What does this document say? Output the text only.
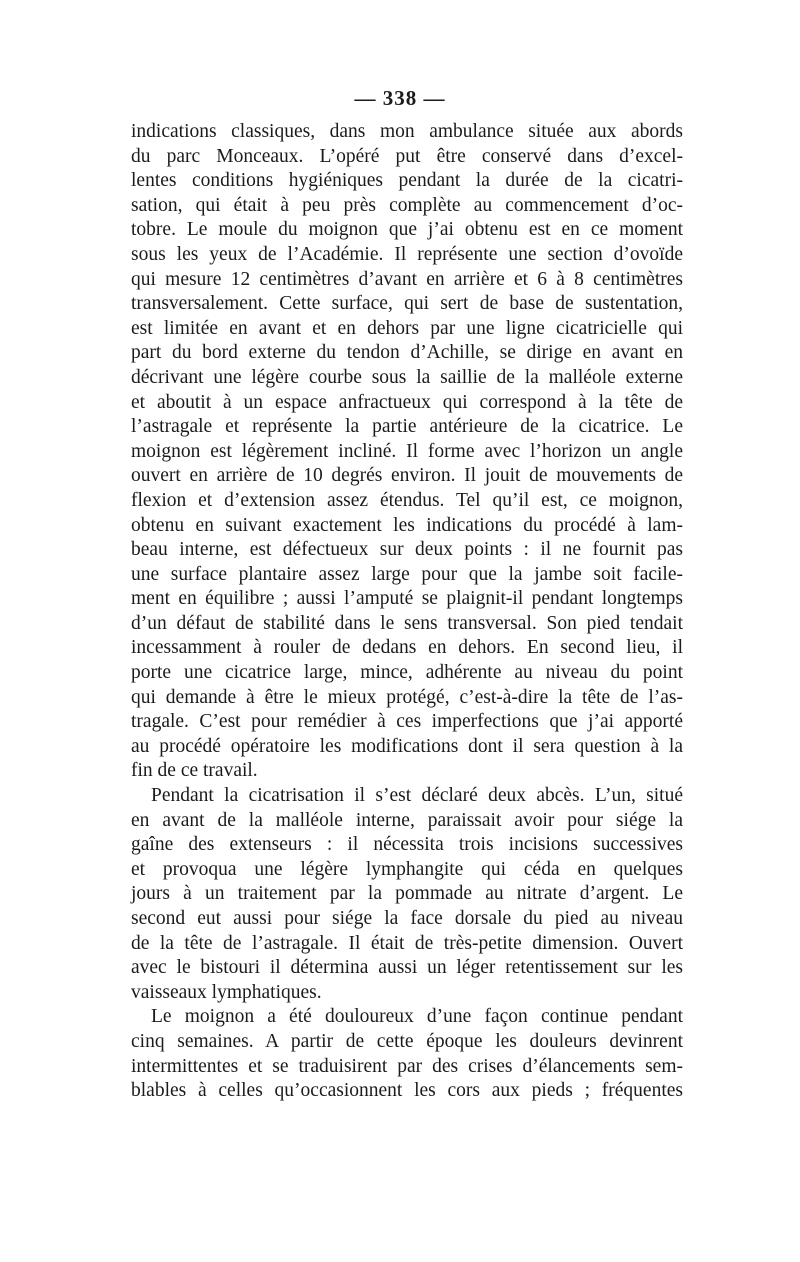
— 338 —
indications classiques, dans mon ambulance située aux abords
du parc Monceaux. L’opéré put être conservé dans d’excel-
lentes conditions hygiéniques pendant la durée de la cicatri-
sation, qui était à peu près complète au commencement d’oc-
tobre. Le moule du moignon que j’ai obtenu est en ce moment
sous les yeux de l’Académie. Il représente une section d’ovoïde
qui mesure 12 centimètres d’avant en arrière et 6 à 8 centimètres
transversalement. Cette surface, qui sert de base de sustentation,
est limitée en avant et en dehors par une ligne cicatricielle qui
part du bord externe du tendon d’Achille, se dirige en avant en
décrivant une légère courbe sous la saillie de la malléole externe
et aboutit à un espace anfractueux qui correspond à la tête de
l’astragale et représente la partie antérieure de la cicatrice. Le
moignon est légèrement incliné. Il forme avec l’horizon un angle
ouvert en arrière de 10 degrés environ. Il jouit de mouvements de
flexion et d’extension assez étendus. Tel qu’il est, ce moignon,
obtenu en suivant exactement les indications du procédé à lam-
beau interne, est défectueux sur deux points : il ne fournit pas
une surface plantaire assez large pour que la jambe soit facile-
ment en équilibre ; aussi l’amputé se plaignit-il pendant longtemps
d’un défaut de stabilité dans le sens transversal. Son pied tendait
incessamment à rouler de dedans en dehors. En second lieu, il
porte une cicatrice large, mince, adhérente au niveau du point
qui demande à être le mieux protégé, c’est-à-dire la tête de l’as-
tragale. C’est pour remédier à ces imperfections que j’ai apporté
au procédé opératoire les modifications dont il sera question à la
fin de ce travail.
Pendant la cicatrisation il s’est déclaré deux abcès. L’un, situé
en avant de la malléole interne, paraissait avoir pour siége la
gaîne des extenseurs : il nécessita trois incisions successives
et provoqua une légère lymphangite qui céda en quelques
jours à un traitement par la pommade au nitrate d’argent. Le
second eut aussi pour siége la face dorsale du pied au niveau
de la tête de l’astragale. Il était de très-petite dimension. Ouvert
avec le bistouri il détermina aussi un léger retentissement sur les
vaisseaux lymphatiques.
Le moignon a été douloureux d’une façon continue pendant
cinq semaines. A partir de cette époque les douleurs devinrent
intermittentes et se traduisirent par des crises d’élancements sem-
blables à celles qu’occasionnent les cors aux pieds ; fréquentes
